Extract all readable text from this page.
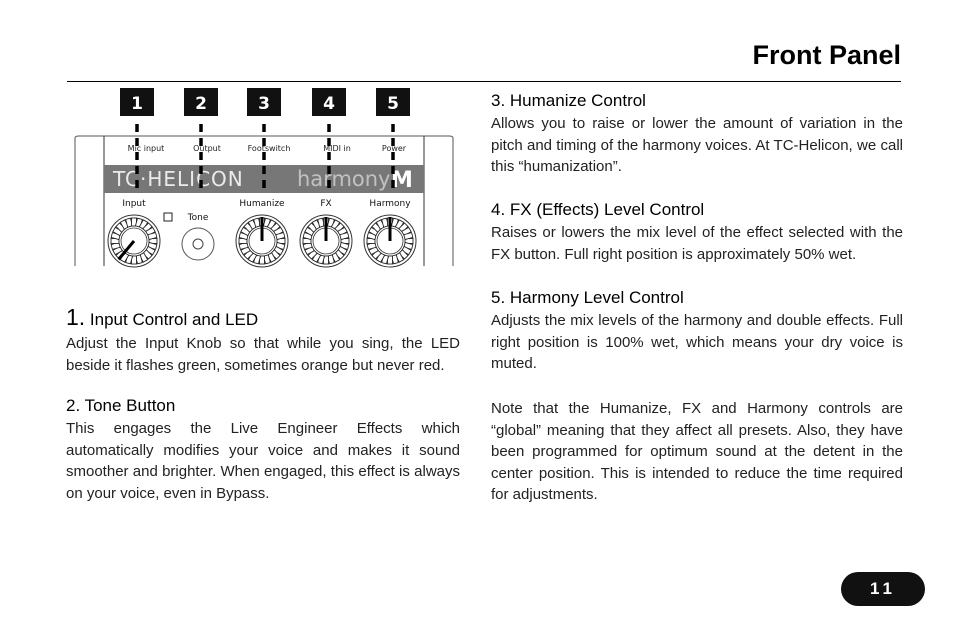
Front Panel
TC·HELICON	harmony M
Mic input	Output	Footswitch	MIDI in	Power
Input
Tone
Humanize	FX	Harmony
1	2	3	4	5
1. Input Control and LED

Adjust the Input Knob so that while you sing, the LED beside it flashes green, sometimes orange but never red.

2. Tone Button

This engages the Live Engineer Effects which automatically modifies your voice and makes it sound smoother and brighter. When engaged, this effect is always on your voice, even in Bypass.

3. Humanize Control

Allows you to raise or lower the amount of variation in the pitch and timing of the harmony voices. At TC-Helicon, we call this “humanization”.

4. FX (Effects) Level Control

Raises or lowers the mix level of the effect selected with the FX button. Full right position is approximately 50% wet.

5. Harmony Level Control

Adjusts the mix levels of the harmony and double effects. Full right position is 100% wet, which means your dry voice is muted.

Note that the Humanize, FX and Harmony controls are “global” meaning that they affect all presets. Also, they have been programmed for optimum sound at the detent in the center position. This is intended to reduce the time required for adjustments.

11
